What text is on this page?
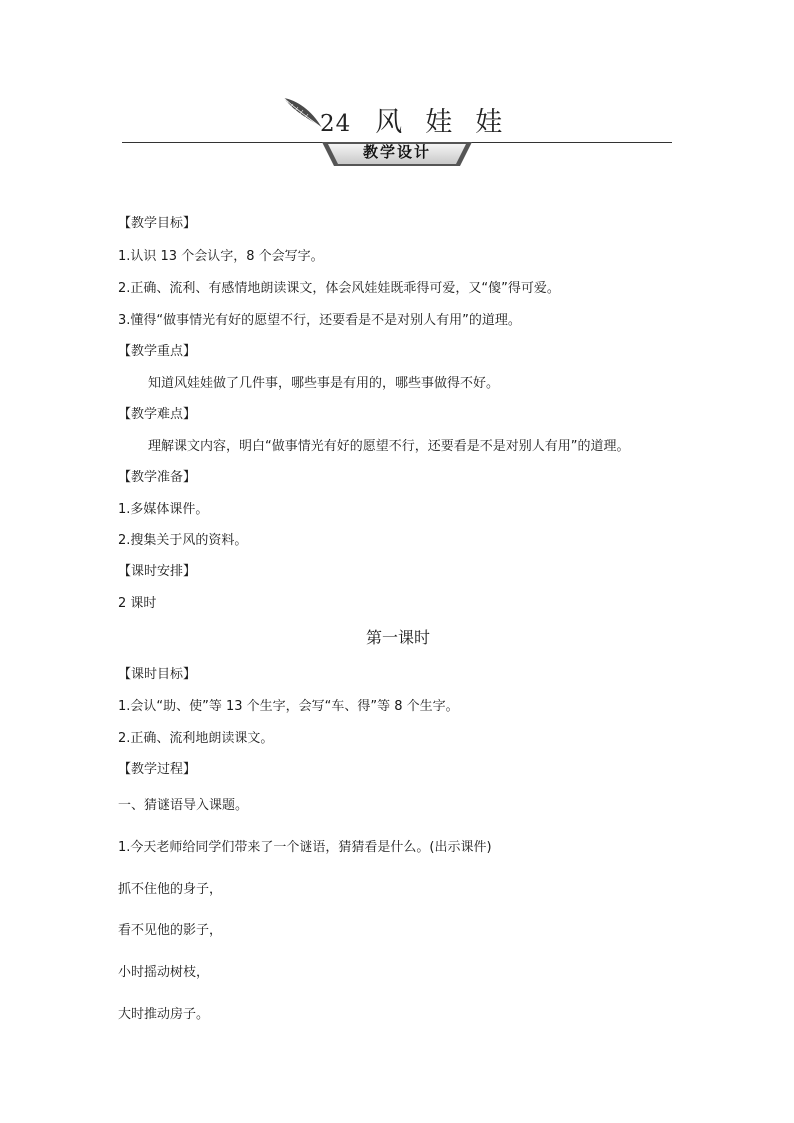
24 风 娃 娃
教学设计
【教学目标】
1.认识 13 个会认字，8 个会写字。
2.正确、流利、有感情地朗读课文，体会风娃娃既乖得可爱，又“傻”得可爱。
3.懂得“做事情光有好的愿望不行，还要看是不是对别人有用”的道理。
【教学重点】
知道风娃娃做了几件事，哪些事是有用的，哪些事做得不好。
【教学难点】
理解课文内容，明白“做事情光有好的愿望不行，还要看是不是对别人有用”的道理。
【教学准备】
1.多媒体课件。
2.搜集关于风的资料。
【课时安排】
2 课时
第一课时
【课时目标】
1.会认“助、使”等 13 个生字，会写“车、得”等 8 个生字。
2.正确、流利地朗读课文。
【教学过程】
一、猜谜语导入课题。
1.今天老师给同学们带来了一个谜语，猜猜看是什么。(出示课件)
抓不住他的身子，
看不见他的影子，
小时摇动树枝，
大时推动房子。
